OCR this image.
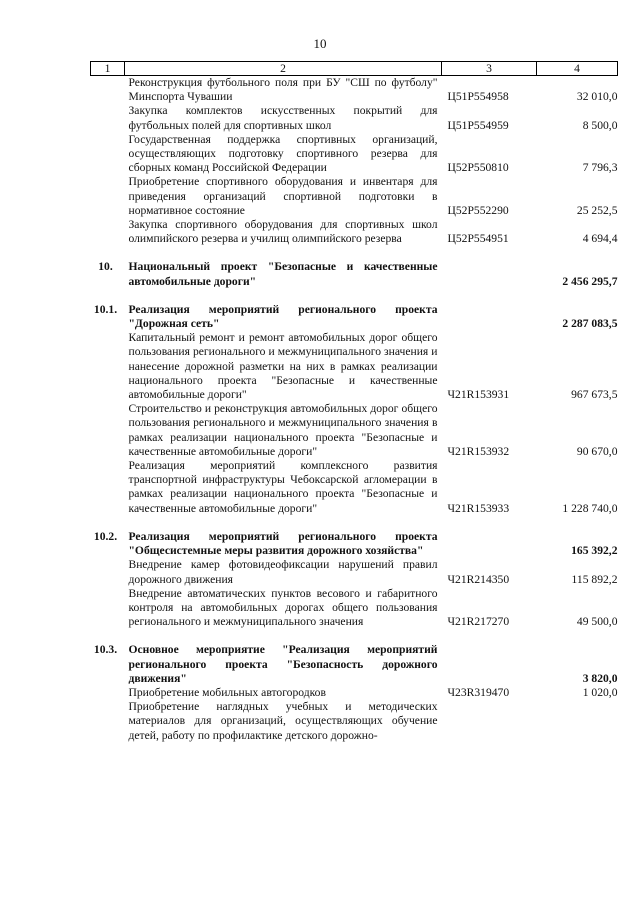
10
1	2	3	4
	Реконструкция футбольного поля при БУ "СШ по футболу" Минспорта Чувашии	Ц51P554958	32 010,0
	Закупка комплектов искусственных покрытий для футбольных полей для спортивных школ	Ц51P554959	8 500,0
	Государственная поддержка спортивных организаций, осуществляющих подготовку спортивного резерва для сборных команд Российской Федерации	Ц52P550810	7 796,3
	Приобретение спортивного оборудования и инвентаря для приведения организаций спортивной подготовки в нормативное состояние	Ц52P552290	25 252,5
	Закупка спортивного оборудования для спортивных школ олимпийского резерва и училищ олимпийского резерва	Ц52P554951	4 694,4

10.	Национальный проект "Безопасные и качественные автомобильные дороги"		2 456 295,7

10.1.	Реализация мероприятий регионального проекта "Дорожная сеть"		2 287 083,5
	Капитальный ремонт и ремонт автомобильных дорог общего пользования регионального и межмуниципального значения и нанесение дорожной разметки на них в рамках реализации национального проекта "Безопасные и качественные автомобильные дороги"	Ч21R153931	967 673,5
	Строительство и реконструкция автомобильных дорог общего пользования регионального и межмуниципального значения в рамках реализации национального проекта "Безопасные и качественные автомобильные дороги"	Ч21R153932	90 670,0
	Реализация мероприятий комплексного развития транспортной инфраструктуры Чебоксарской агломерации в рамках реализации национального проекта "Безопасные и качественные автомобильные дороги"	Ч21R153933	1 228 740,0

10.2.	Реализация мероприятий регионального проекта "Общесистемные меры развития дорожного хозяйства"		165 392,2
	Внедрение камер фотовидеофиксации нарушений правил дорожного движения	Ч21R214350	115 892,2
	Внедрение автоматических пунктов весового и габаритного контроля на автомобильных дорогах общего пользования регионального и межмуниципального значения	Ч21R217270	49 500,0

10.3.	Основное мероприятие "Реализация мероприятий регионального проекта "Безопасность дорожного движения"		3 820,0
	Приобретение мобильных автогородков	Ч23R319470	1 020,0
	Приобретение наглядных учебных и методических материалов для организаций, осуществляющих обучение детей, работу по профилактике детского дорожно-		
